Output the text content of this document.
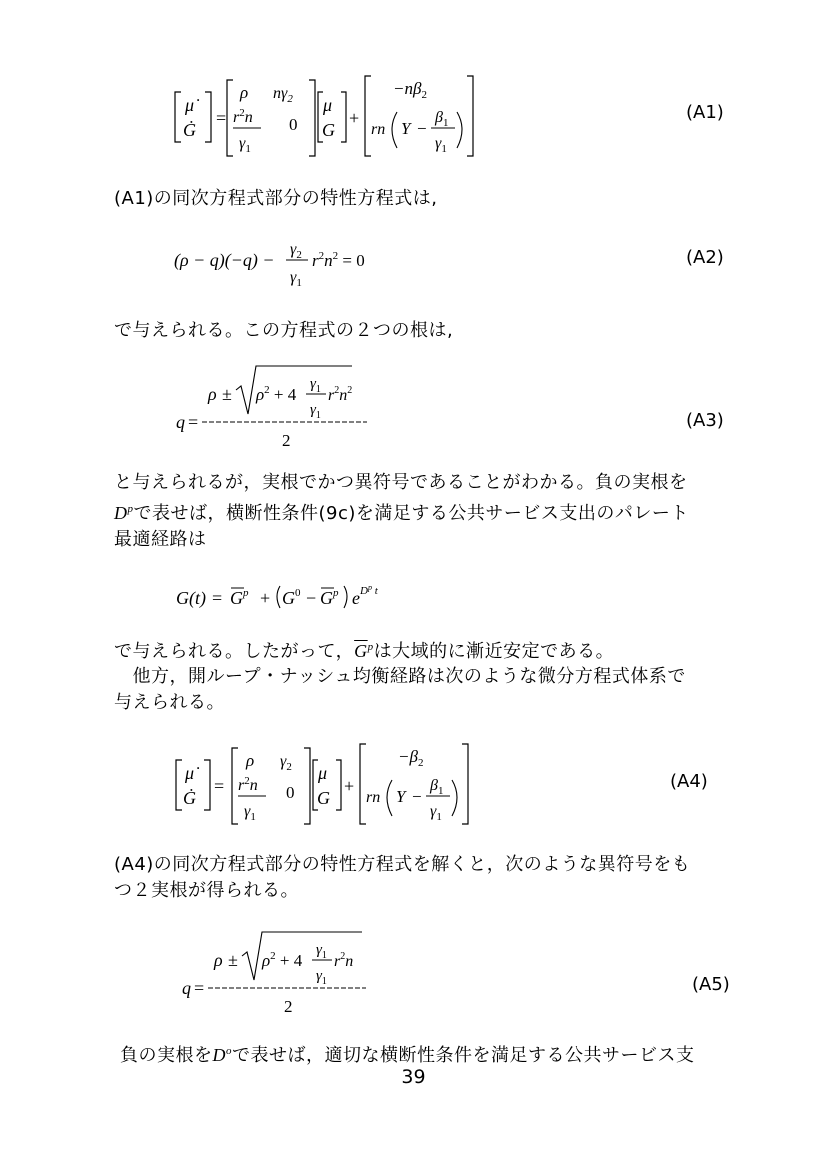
μ̇
Ġ
=
ρ $n\gamma_2$
$r^2n$
$\gamma_1$
0
μ
G
+
$-n\beta_2$
rn Y −
$\beta_1$
$\gamma_1$
(A1)
(A1)の同次方程式部分の特性方程式は,
(ρ − q)(−q) −
$\gamma_2$
$\gamma_1$
$r^2n^2 = 0$	(A2)
で与えられる。この方程式の２つの根は,
q =
$\rho \pm \rho^2 + 4$
$\gamma_1$
$\gamma_1$
$r^2n^2$
2
(A3)
と与えられるが，実根でかつ異符号であることがわかる。負の実根を
$D^p$で表せば，横断性条件(9c)を満足する公共サービス支出のパレート
最適経路は
$G(t) = G^p + G^0 - G^p$ $e^{Dp}$ $_t$
で与えられる。したがって，$\overline{G}^p$は大域的に漸近安定である。
　他方，開ループ・ナッシュ均衡経路は次のような微分方程式体系で
与えられる。
μ̇
Ġ
=
ρ $\gamma_2$
$r^2n$
$\gamma_1$
0
μ
G
+
$-\beta_2$
rn Y −
$\beta_1$
$\gamma_1$
(A4)
(A4)の同次方程式部分の特性方程式を解くと，次のような異符号をも
つ２実根が得られる。
q =
$\rho \pm \rho^2 + 4$
$\gamma_1$
$\gamma_1$
$r^2n$
2
(A5)
負の実根を$D^o$で表せば，適切な横断性条件を満足する公共サービス支
39
